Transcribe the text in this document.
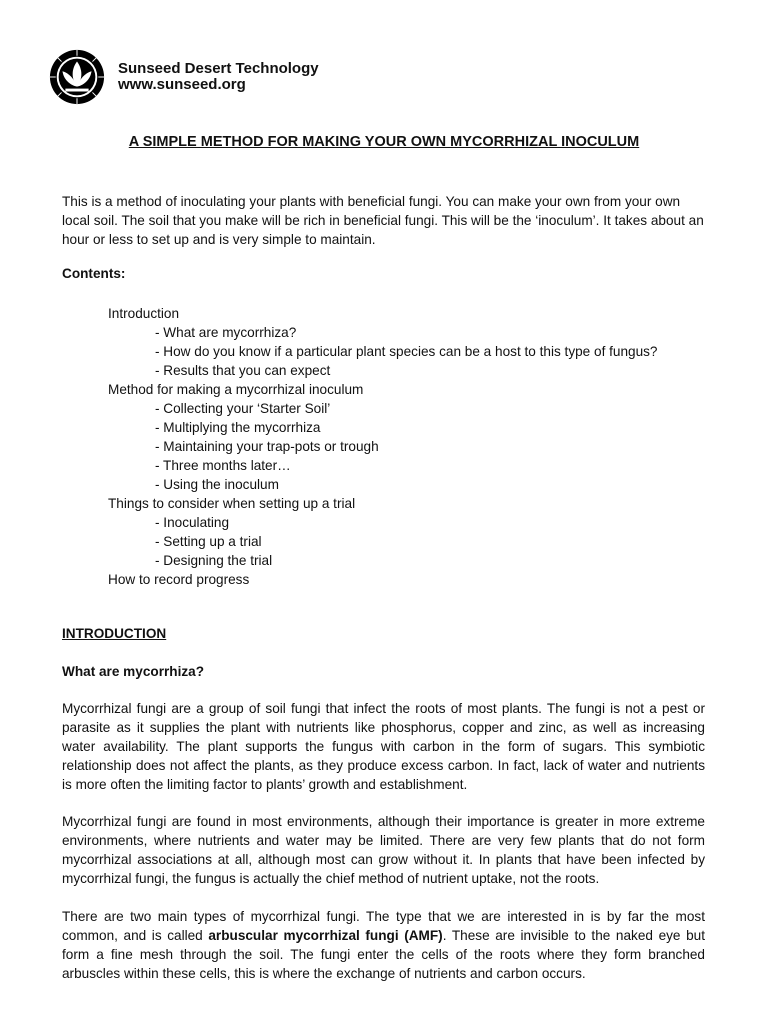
Sunseed Desert Technology
www.sunseed.org
A SIMPLE METHOD FOR MAKING YOUR OWN MYCORRHIZAL INOCULUM
This is a method of inoculating your plants with beneficial fungi. You can make your own from your own local soil. The soil that you make will be rich in beneficial fungi. This will be the ‘inoculum’. It takes about an hour or less to set up and is very simple to maintain.
Contents:
Introduction
- What are mycorrhiza?
- How do you know if a particular plant species can be a host to this type of fungus?
- Results that you can expect
Method for making a mycorrhizal inoculum
- Collecting your ‘Starter Soil’
- Multiplying the mycorrhiza
- Maintaining your trap-pots or trough
- Three months later…
- Using the inoculum
Things to consider when setting up a trial
- Inoculating
- Setting up a trial
- Designing the trial
How to record progress
INTRODUCTION
What are mycorrhiza?
Mycorrhizal fungi are a group of soil fungi that infect the roots of most plants. The fungi is not a pest or parasite as it supplies the plant with nutrients like phosphorus, copper and zinc, as well as increasing water availability. The plant supports the fungus with carbon in the form of sugars. This symbiotic relationship does not affect the plants, as they produce excess carbon. In fact, lack of water and nutrients is more often the limiting factor to plants’ growth and establishment.
Mycorrhizal fungi are found in most environments, although their importance is greater in more extreme environments, where nutrients and water may be limited. There are very few plants that do not form mycorrhizal associations at all, although most can grow without it. In plants that have been infected by mycorrhizal fungi, the fungus is actually the chief method of nutrient uptake, not the roots.
There are two main types of mycorrhizal fungi. The type that we are interested in is by far the most common, and is called arbuscular mycorrhizal fungi (AMF). These are invisible to the naked eye but form a fine mesh through the soil. The fungi enter the cells of the roots where they form branched arbuscles within these cells, this is where the exchange of nutrients and carbon occurs.
